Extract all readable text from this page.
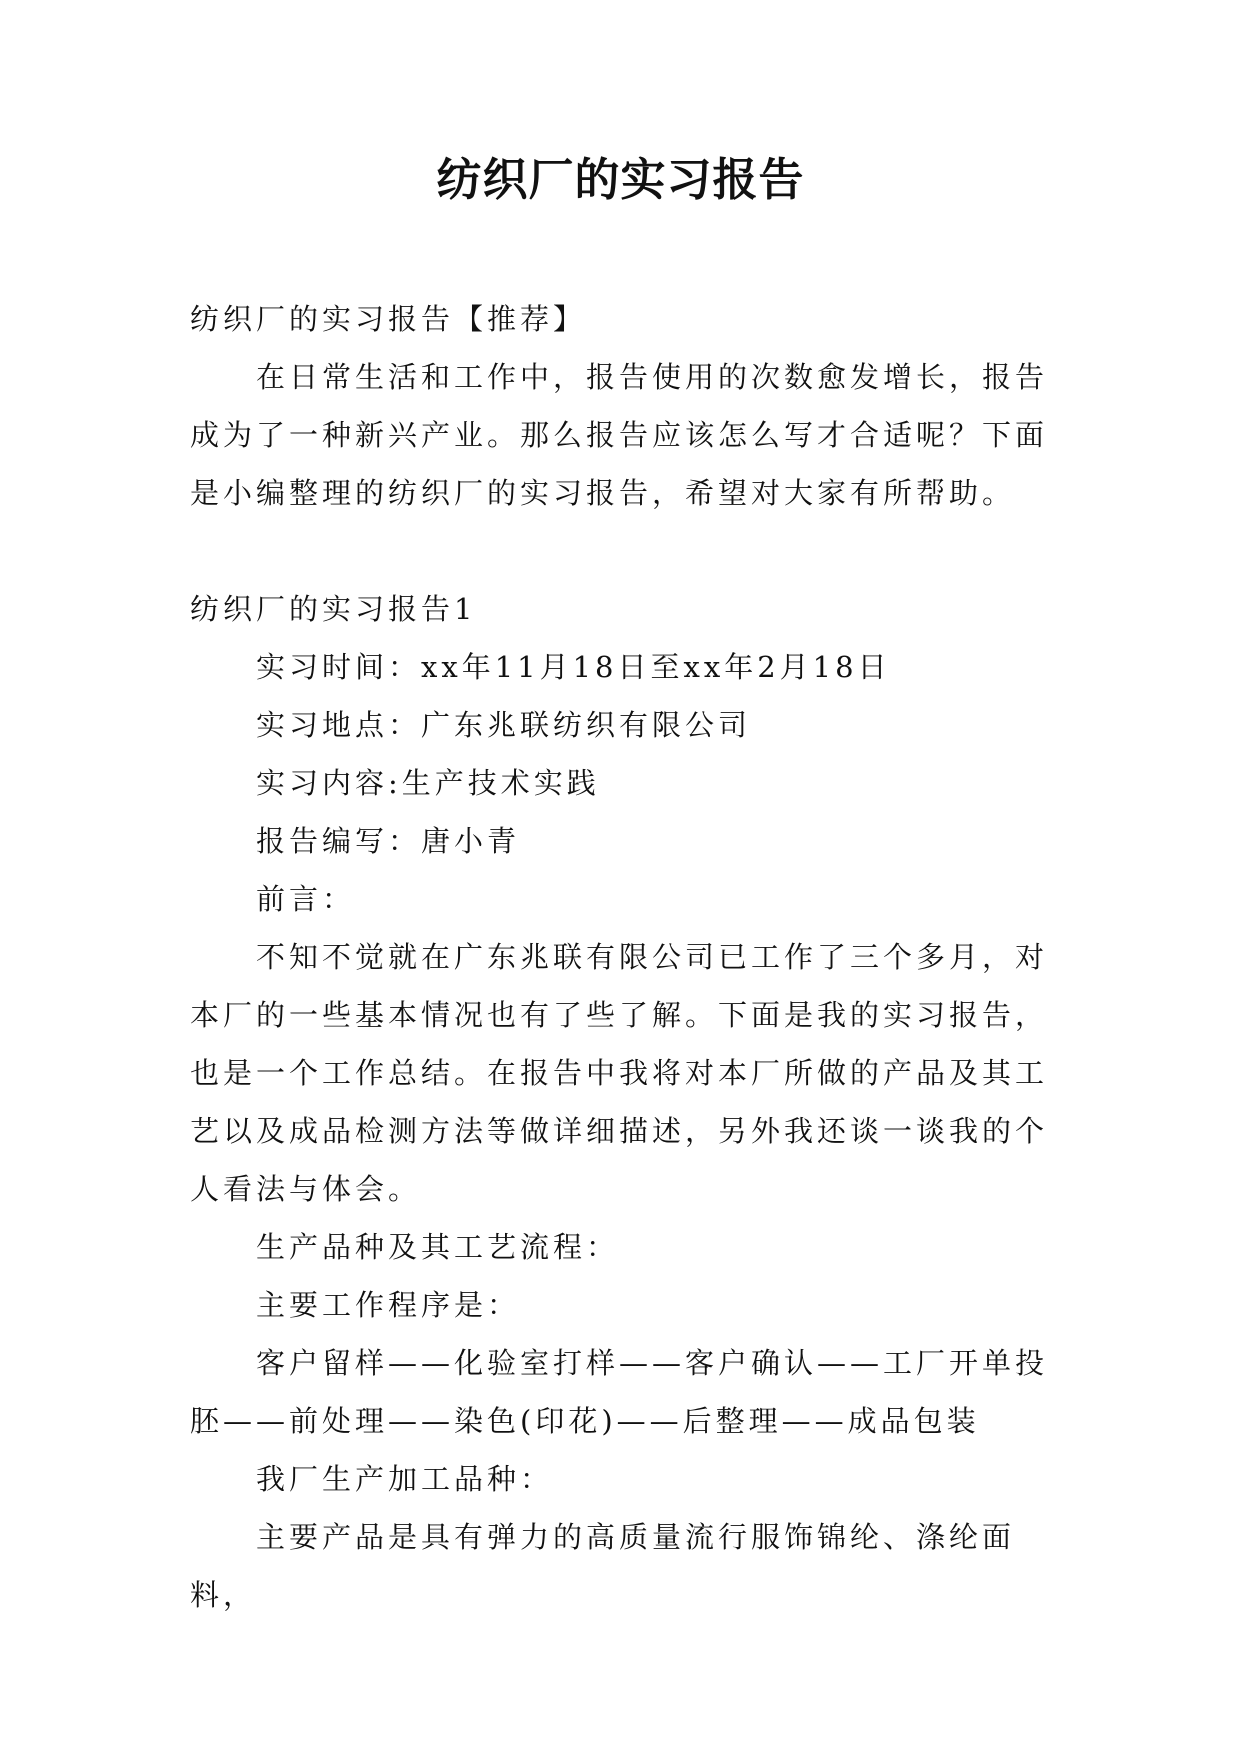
纺织厂的实习报告

纺织厂的实习报告【推荐】

在日常生活和工作中，报告使用的次数愈发增长，报告成为了一种新兴产业。那么报告应该怎么写才合适呢？下面是小编整理的纺织厂的实习报告，希望对大家有所帮助。

纺织厂的实习报告1

实习时间：xx年11月18日至xx年2月18日

实习地点：广东兆联纺织有限公司

实习内容:生产技术实践

报告编写：唐小青

前言：

不知不觉就在广东兆联有限公司已工作了三个多月，对本厂的一些基本情况也有了些了解。下面是我的实习报告，也是一个工作总结。在报告中我将对本厂所做的产品及其工艺以及成品检测方法等做详细描述，另外我还谈一谈我的个人看法与体会。

生产品种及其工艺流程：

主要工作程序是：

客户留样——化验室打样——客户确认——工厂开单投胚——前处理——染色(印花)——后整理——成品包装

我厂生产加工品种：

主要产品是具有弹力的高质量流行服饰锦纶、涤纶面料，
